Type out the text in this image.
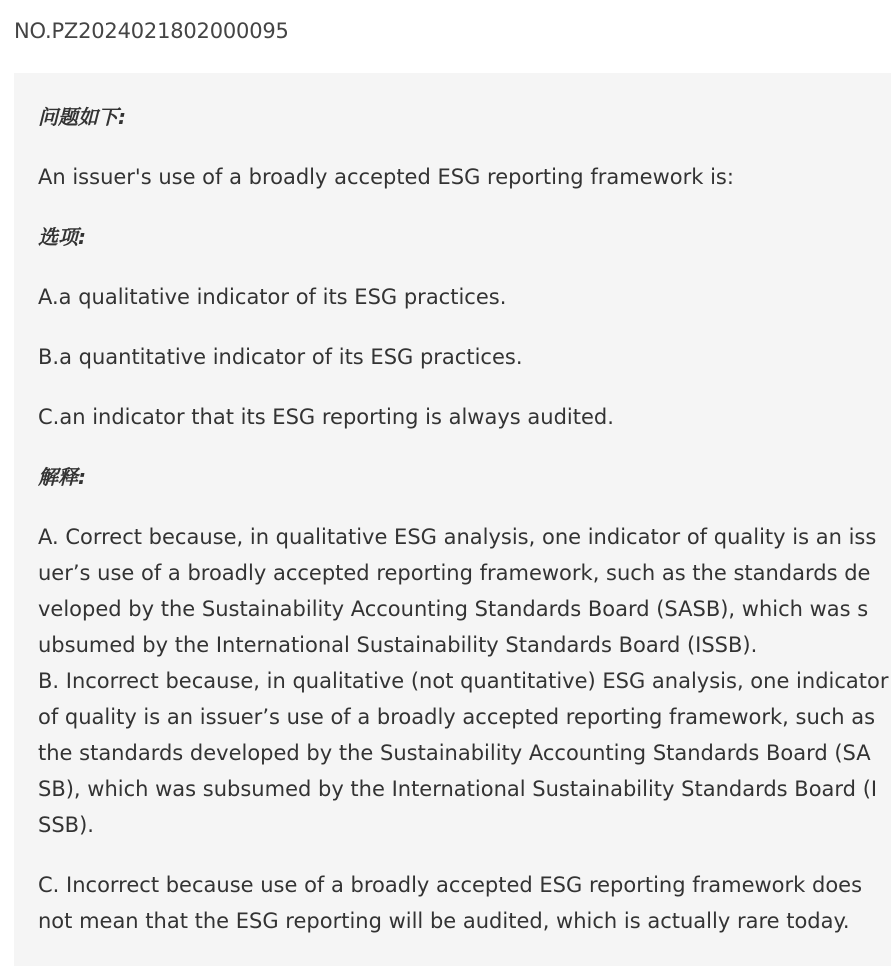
NO.PZ2024021802000095
问题如下:
An issuer's use of a broadly accepted ESG reporting framework is:
选项:
A.a qualitative indicator of its ESG practices.
B.a quantitative indicator of its ESG practices.
C.an indicator that its ESG reporting is always audited.
解释:
A. Correct because, in qualitative ESG analysis, one indicator of quality is an iss
uer’s use of a broadly accepted reporting framework, such as the standards de
veloped by the Sustainability Accounting Standards Board (SASB), which was s
ubsumed by the International Sustainability Standards Board (ISSB).
B. Incorrect because, in qualitative (not quantitative) ESG analysis, one indicator
of quality is an issuer’s use of a broadly accepted reporting framework, such as
the standards developed by the Sustainability Accounting Standards Board (SA
SB), which was subsumed by the International Sustainability Standards Board (I
SSB).
C. Incorrect because use of a broadly accepted ESG reporting framework does
not mean that the ESG reporting will be audited, which is actually rare today.
